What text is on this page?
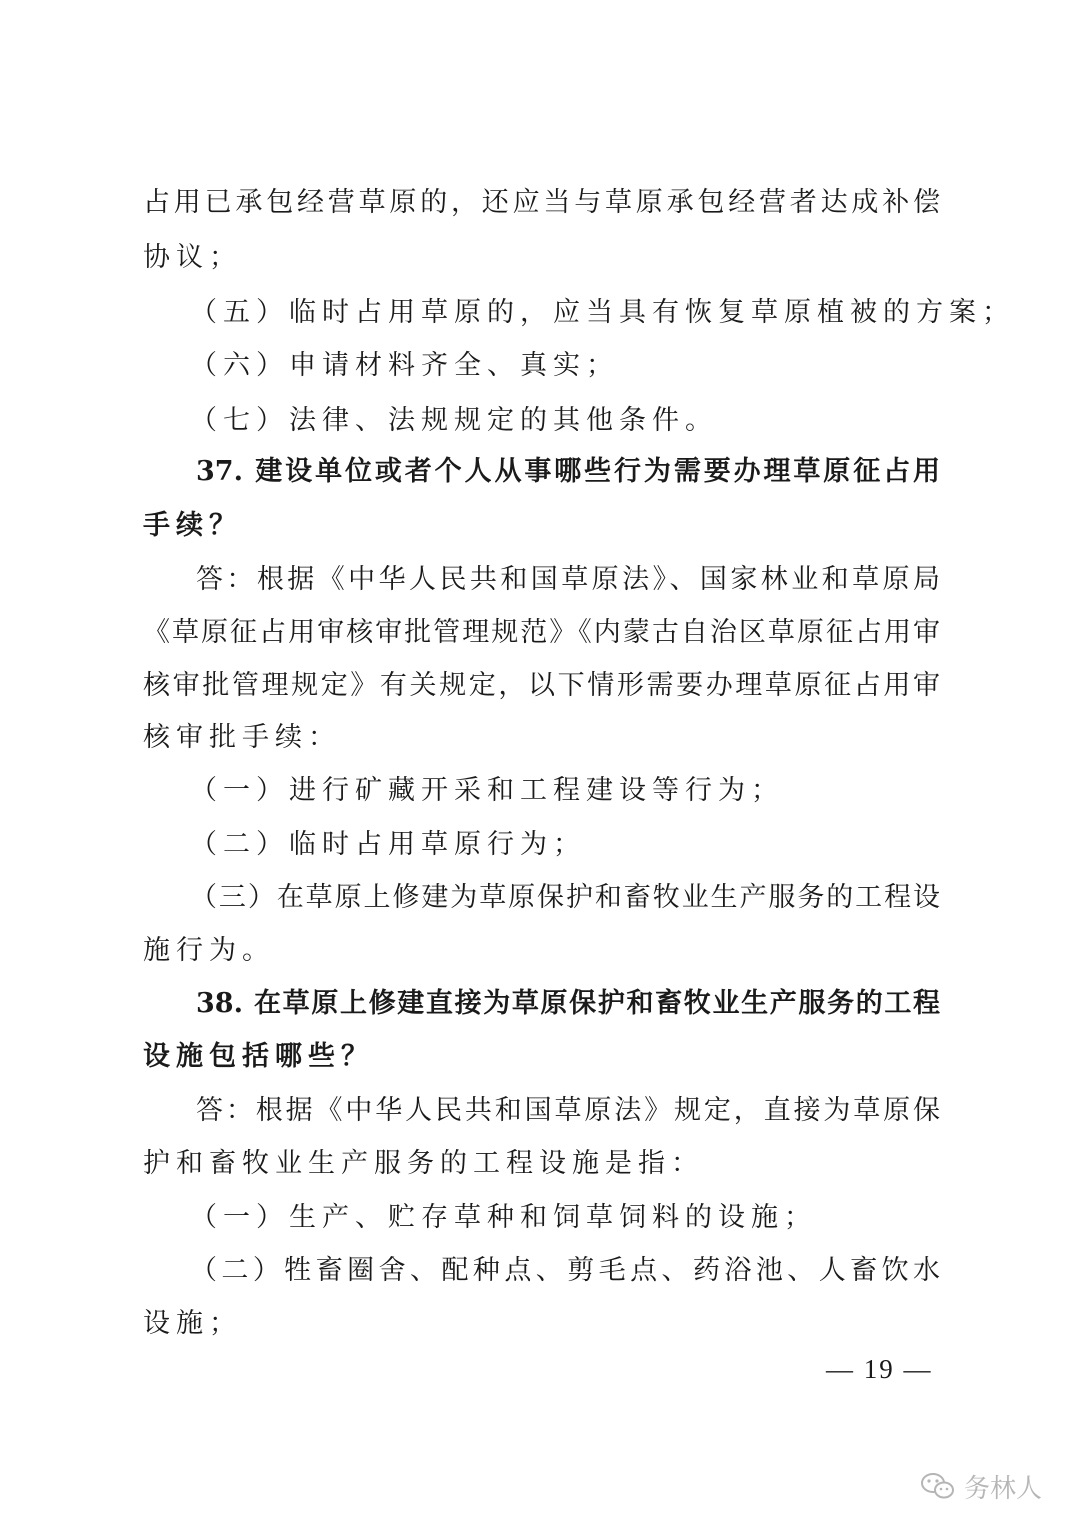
占用已承包经营草原的，还应当与草原承包经营者达成补偿
协议；
（五）临时占用草原的，应当具有恢复草原植被的方案；
（六）申请材料齐全、真实；
（七）法律、法规规定的其他条件。
37. 建设单位或者个人从事哪些行为需要办理草原征占用
手续？
答：根据《中华人民共和国草原法》、国家林业和草原局
《草原征占用审核审批管理规范》《内蒙古自治区草原征占用审
核审批管理规定》有关规定，以下情形需要办理草原征占用审
核审批手续：
（一）进行矿藏开采和工程建设等行为；
（二）临时占用草原行为；
（三）在草原上修建为草原保护和畜牧业生产服务的工程设
施行为。
38. 在草原上修建直接为草原保护和畜牧业生产服务的工程
设施包括哪些？
答：根据《中华人民共和国草原法》规定，直接为草原保
护和畜牧业生产服务的工程设施是指：
（一）生产、贮存草种和饲草饲料的设施；
（二）牲畜圈舍、配种点、剪毛点、药浴池、人畜饮水
设施；
— 19 —
务林人
